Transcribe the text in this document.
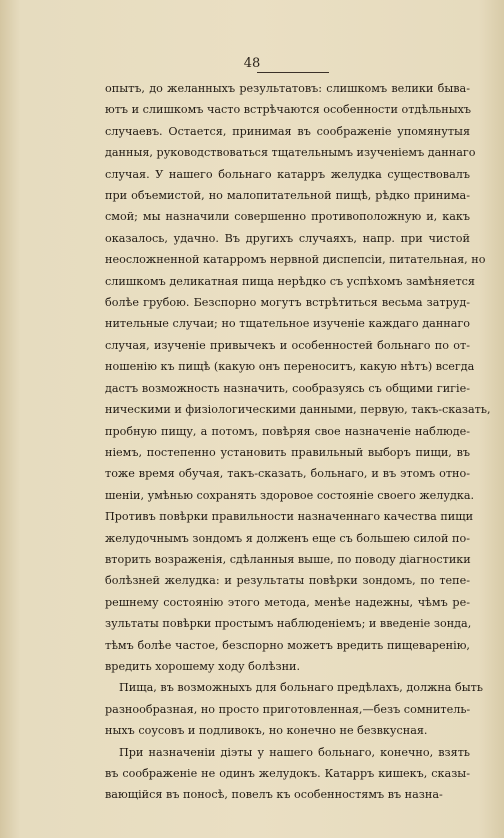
48
опытъ, до желанныхъ результатовъ: слишкомъ велики быва-
ютъ и слишкомъ часто встрѣчаются особенности отдѣльныхъ
случаевъ. Остается, принимая въ соображеніе упомянутыя
данныя, руководствоваться тщательнымъ изученіемъ даннаго
случая. У нашего больнаго катарръ желудка существовалъ
при объемистой, но малопитательной пищѣ, рѣдко принима-
смой; мы назначили совершенно противоположную и, какъ
оказалось, удачно. Въ другихъ случаяхъ, напр. при чистой
неосложненной катарромъ нервной диспепсіи, питательная, но
слишкомъ деликатная пища нерѣдко съ успѣхомъ замѣняется
болѣе грубою. Безспорно могутъ встрѣтиться весьма затруд-
нительные случаи; но тщательное изученіе каждаго даннаго
случая, изученіе привычекъ и особенностей больнаго по от-
ношенію къ пищѣ (какую онъ переноситъ, какую нѣтъ) всегда
дастъ возможность назначить, сообразуясь съ общими гигіе-
ническими и физіологическими данными, первую, такъ-сказать,
пробную пищу, а потомъ, повѣряя свое назначеніе наблюде-
ніемъ, постепенно установить правильный выборъ пищи, въ
тоже время обучая, такъ-сказать, больнаго, и въ этомъ отно-
шеніи, умѣнью сохранять здоровое состояніе своего желудка.
Противъ повѣрки правильности назначеннаго качества пищи
желудочнымъ зондомъ я долженъ еще съ большею силой по-
вторить возраженія, сдѣланныя выше, по поводу діагностики
болѣзней желудка: и результаты повѣрки зондомъ, по тепе-
решнему состоянію этого метода, менѣе надежны, чѣмъ ре-
зультаты повѣрки простымъ наблюденіемъ; и введеніе зонда,
тѣмъ болѣе частое, безспорно можетъ вредить пищеваренію,
вредить хорошему ходу болѣзни.
Пища, въ возможныхъ для больнаго предѣлахъ, должна быть
разнообразная, но просто приготовленная,—безъ сомнитель-
ныхъ соусовъ и подливокъ, но конечно не безвкусная.
При назначеніи діэты у нашего больнаго, конечно, взять
въ соображеніе не одинъ желудокъ. Катарръ кишекъ, сказы-
вающійся въ поносѣ, повелъ къ особенностямъ въ назна-
